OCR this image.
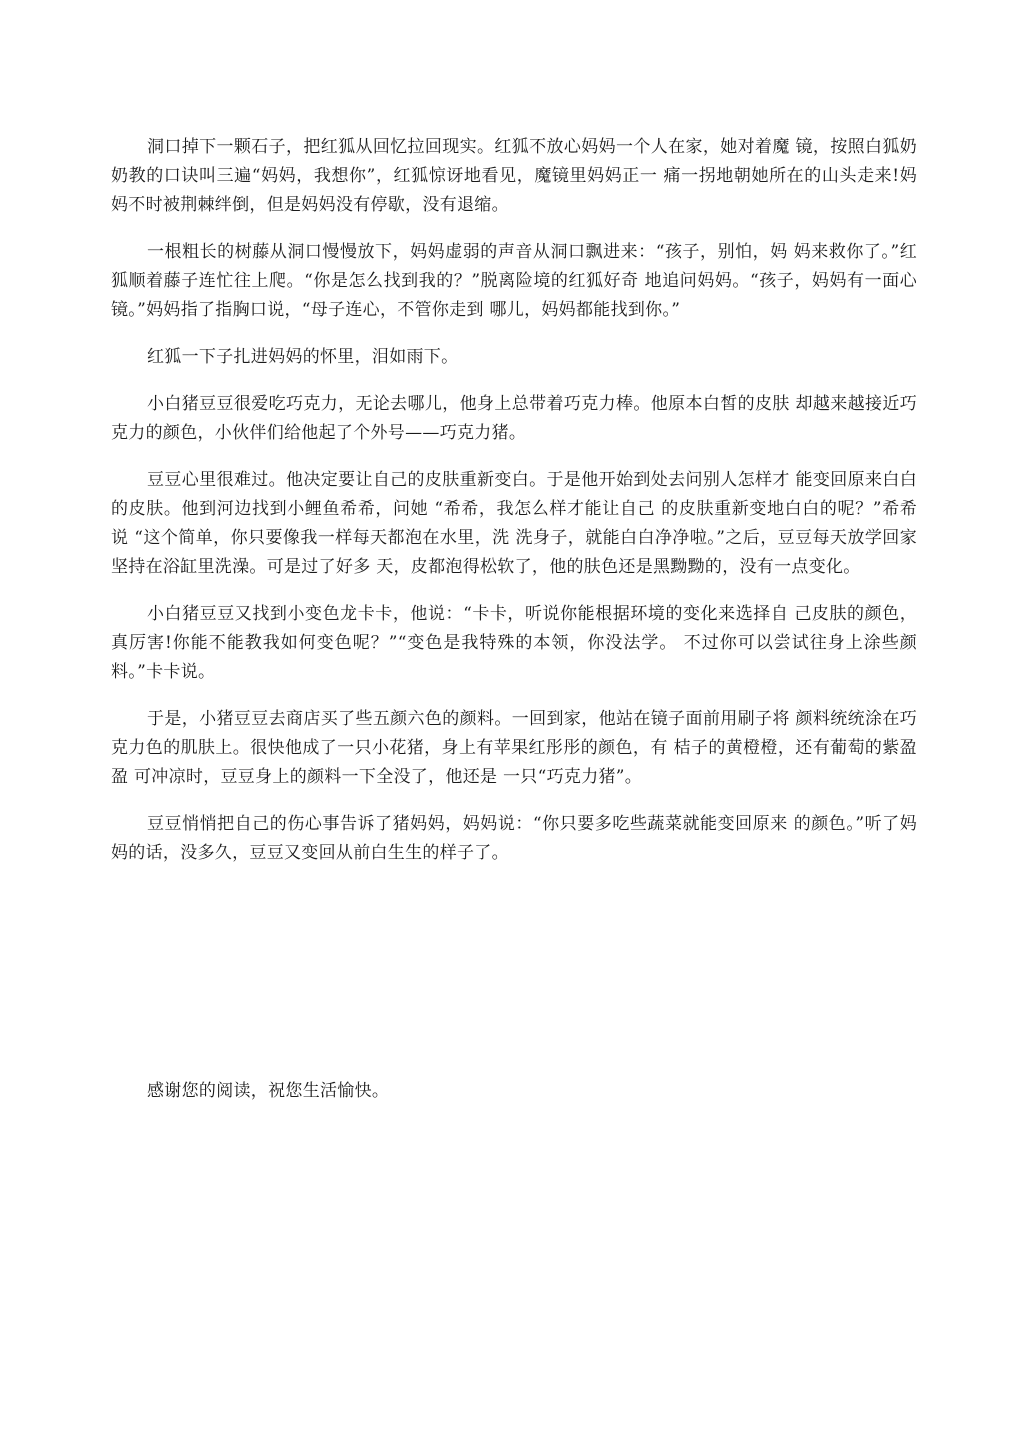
洞口掉下一颗石子，把红狐从回忆拉回现实。红狐不放心妈妈一个人在家，她对着魔 镜，按照白狐奶奶教的口诀叫三遍“妈妈，我想你”，红狐惊讶地看见，魔镜里妈妈正一 痛一拐地朝她所在的山头走来!妈妈不时被荆棘绊倒，但是妈妈没有停歇，没有退缩。

一根粗长的树藤从洞口慢慢放下，妈妈虚弱的声音从洞口飘进来：“孩子，别怕，妈 妈来救你了。”红狐顺着藤子连忙往上爬。“你是怎么找到我的？”脱离险境的红狐好奇 地追问妈妈。“孩子，妈妈有一面心镜。”妈妈指了指胸口说，“母子连心，不管你走到 哪儿，妈妈都能找到你。”

红狐一下子扎进妈妈的怀里，泪如雨下。

小白猪豆豆很爱吃巧克力，无论去哪儿，他身上总带着巧克力棒。他原本白皙的皮肤 却越来越接近巧克力的颜色，小伙伴们给他起了个外号——巧克力猪。

豆豆心里很难过。他决定要让自己的皮肤重新变白。于是他开始到处去问别人怎样才 能变回原来白白的皮肤。他到河边找到小鲤鱼希希，问她 “希希，我怎么样才能让自己 的皮肤重新变地白白的呢？”希希说 “这个简单，你只要像我一样每天都泡在水里，洗 洗身子，就能白白净净啦。”之后，豆豆每天放学回家坚持在浴缸里洗澡。可是过了好多 天，皮都泡得松软了，他的肤色还是黑黝黝的，没有一点变化。

小白猪豆豆又找到小变色龙卡卡，他说：“卡卡，听说你能根据环境的变化来选择自 己皮肤的颜色，真厉害!你能不能教我如何变色呢？”“变色是我特殊的本领，你没法学。 不过你可以尝试往身上涂些颜料。”卡卡说。

于是，小猪豆豆去商店买了些五颜六色的颜料。一回到家，他站在镜子面前用刷子将 颜料统统涂在巧克力色的肌肤上。很快他成了一只小花猪，身上有苹果红彤彤的颜色，有 桔子的黄橙橙，还有葡萄的紫盈盈 可冲凉时，豆豆身上的颜料一下全没了，他还是 一只“巧克力猪”。

豆豆悄悄把自己的伤心事告诉了猪妈妈，妈妈说：“你只要多吃些蔬菜就能变回原来 的颜色。”听了妈妈的话，没多久，豆豆又变回从前白生生的样子了。

感谢您的阅读，祝您生活愉快。
